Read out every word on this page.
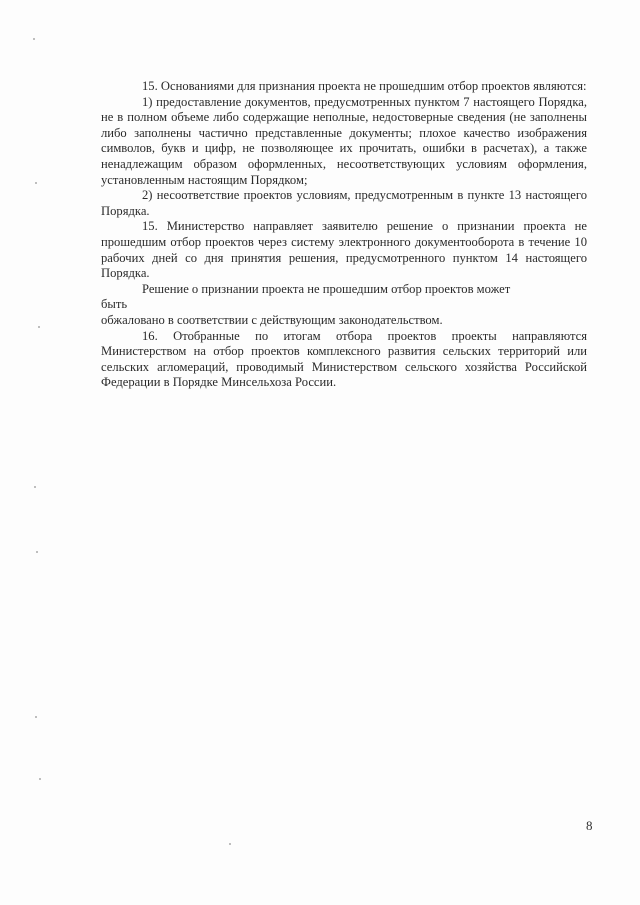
15. Основаниями для признания проекта не прошедшим отбор проектов являются:

1) предоставление документов, предусмотренных пунктом 7 настоящего Порядка, не в полном объеме либо содержащие неполные, недостоверные сведения (не заполнены либо заполнены частично представленные документы; плохое качество изображения символов, букв и цифр, не позволяющее их прочитать, ошибки в расчетах), а также ненадлежащим образом оформленных, несоответствующих условиям оформления, установленным настоящим Порядком;

2) несоответствие проектов условиям, предусмотренным в пункте 13 настоящего Порядка.

15. Министерство направляет заявителю решение о признании проекта не прошедшим отбор проектов через систему электронного документооборота в течение 10 рабочих дней со дня принятия решения, предусмотренного пунктом 14 настоящего Порядка.

Решение о признании проекта не прошедшим отбор проектов может быть

обжаловано в соответствии с действующим законодательством.

16. Отобранные по итогам отбора проектов проекты направляются Министерством на отбор проектов комплексного развития сельских территорий или сельских агломераций, проводимый Министерством сельского хозяйства Российской Федерации в Порядке Минсельхоза России.

8
